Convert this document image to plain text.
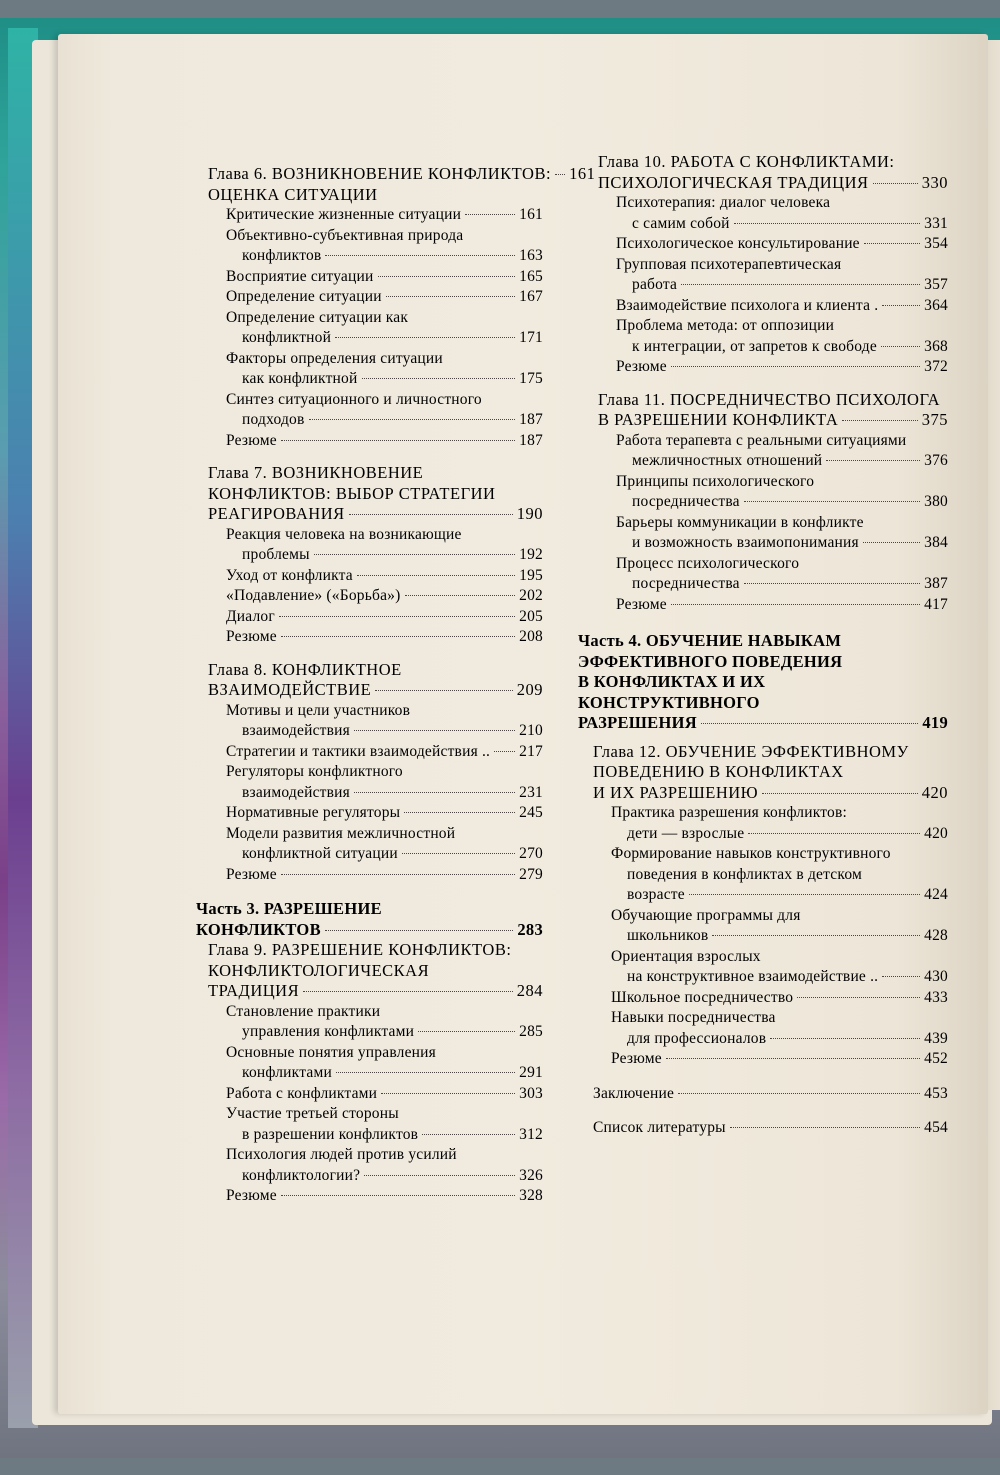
Глава 6. ВОЗНИКНОВЕНИЕ КОНФЛИКТОВ: 161
ОЦЕНКА СИТУАЦИИ
Критические жизненные ситуации	161
Объективно-субъективная природа
конфликтов	163
Восприятие ситуации	165
Определение ситуации	167
Определение ситуации как
конфликтной	171
Факторы определения ситуации
как конфликтной	175
Синтез ситуационного и личностного
подходов	187
Резюме	187
Глава 7. ВОЗНИКНОВЕНИЕ
КОНФЛИКТОВ: ВЫБОР СТРАТЕГИИ
РЕАГИРОВАНИЯ	190
Реакция человека на возникающие
проблемы	192
Уход от конфликта	195
«Подавление» («Борьба»)	202
Диалог	205
Резюме	208
Глава 8. КОНФЛИКТНОЕ
ВЗАИМОДЕЙСТВИЕ	209
Мотивы и цели участников
взаимодействия	210
Стратегии и тактики взаимодействия .. 217
Регуляторы конфликтного
взаимодействия	231
Нормативные регуляторы	245
Модели развития межличностной
конфликтной ситуации	270
Резюме	279
Часть 3. РАЗРЕШЕНИЕ
КОНФЛИКТОВ	283
Глава 9. РАЗРЕШЕНИЕ КОНФЛИКТОВ:
КОНФЛИКТОЛОГИЧЕСКАЯ
ТРАДИЦИЯ	284
Становление практики
управления конфликтами	285
Основные понятия управления
конфликтами	291
Работа с конфликтами	303
Участие третьей стороны
в разрешении конфликтов	312
Психология людей против усилий
конфликтологии?	326
Резюме	328
Глава 10. РАБОТА С КОНФЛИКТАМИ:
ПСИХОЛОГИЧЕСКАЯ ТРАДИЦИЯ	330
Психотерапия: диалог человека
с самим собой	331
Психологическое консультирование	354
Групповая психотерапевтическая
работа	357
Взаимодействие психолога и клиента .	364
Проблема метода: от оппозиции
к интеграции, от запретов к свободе	368
Резюме	372
Глава 11. ПОСРЕДНИЧЕСТВО ПСИХОЛОГА
В РАЗРЕШЕНИИ КОНФЛИКТА	375
Работа терапевта с реальными ситуациями
межличностных отношений	376
Принципы психологического
посредничества	380
Барьеры коммуникации в конфликте
и возможность взаимопонимания	384
Процесс психологического
посредничества	387
Резюме	417
Часть 4. ОБУЧЕНИЕ НАВЫКАМ
ЭФФЕКТИВНОГО ПОВЕДЕНИЯ
В КОНФЛИКТАХ И ИХ
КОНСТРУКТИВНОГО
РАЗРЕШЕНИЯ	419
Глава 12. ОБУЧЕНИЕ ЭФФЕКТИВНОМУ
ПОВЕДЕНИЮ В КОНФЛИКТАХ
И ИХ РАЗРЕШЕНИЮ	420
Практика разрешения конфликтов:
дети — взрослые	420
Формирование навыков конструктивного
поведения в конфликтах в детском
возрасте	424
Обучающие программы для
школьников	428
Ориентация взрослых
на конструктивное взаимодействие ..	430
Школьное посредничество	433
Навыки посредничества
для профессионалов	439
Резюме	452
Заключение	453
Список литературы	454
